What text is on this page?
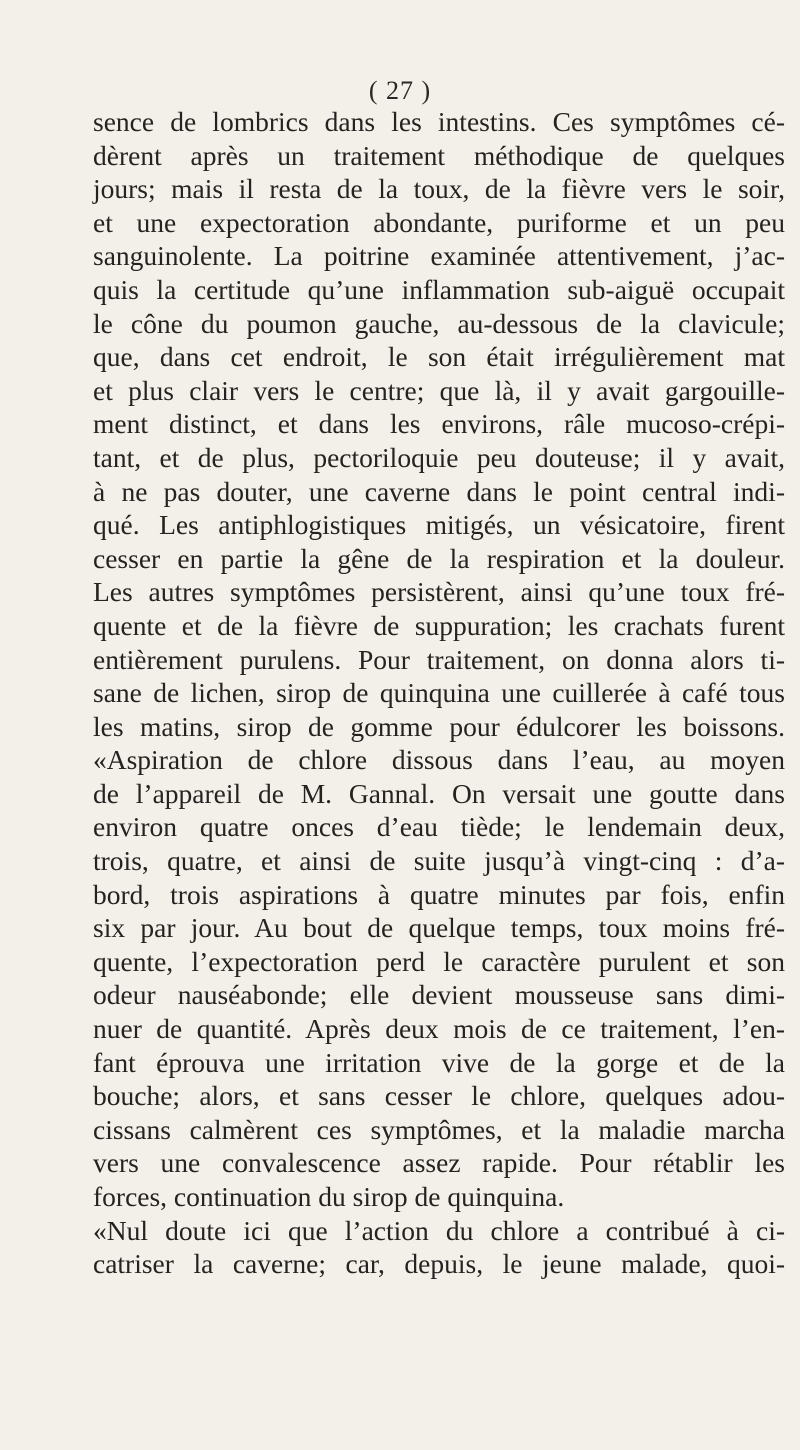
( 27 )
sence de lombrics dans les intestins. Ces symptômes cé-
dèrent après un traitement méthodique de quelques
jours; mais il resta de la toux, de la fièvre vers le soir,
et une expectoration abondante, puriforme et un peu
sanguinolente. La poitrine examinée attentivement, j’ac-
quis la certitude qu’une inflammation sub-aiguë occupait
le cône du poumon gauche, au-dessous de la clavicule;
que, dans cet endroit, le son était irrégulièrement mat
et plus clair vers le centre; que là, il y avait gargouille-
ment distinct, et dans les environs, râle mucoso-crépi-
tant, et de plus, pectoriloquie peu douteuse; il y avait,
à ne pas douter, une caverne dans le point central indi-
qué. Les antiphlogistiques mitigés, un vésicatoire, firent
cesser en partie la gêne de la respiration et la douleur.
Les autres symptômes persistèrent, ainsi qu’une toux fré-
quente et de la fièvre de suppuration; les crachats furent
entièrement purulens. Pour traitement, on donna alors ti-
sane de lichen, sirop de quinquina une cuillerée à café tous
les matins, sirop de gomme pour édulcorer les boissons.
«Aspiration de chlore dissous dans l’eau, au moyen
de l’appareil de M. Gannal. On versait une goutte dans
environ quatre onces d’eau tiède; le lendemain deux,
trois, quatre, et ainsi de suite jusqu’à vingt-cinq : d’a-
bord, trois aspirations à quatre minutes par fois, enfin
six par jour. Au bout de quelque temps, toux moins fré-
quente, l’expectoration perd le caractère purulent et son
odeur nauséabonde; elle devient mousseuse sans dimi-
nuer de quantité. Après deux mois de ce traitement, l’en-
fant éprouva une irritation vive de la gorge et de la
bouche; alors, et sans cesser le chlore, quelques adou-
cissans calmèrent ces symptômes, et la maladie marcha
vers une convalescence assez rapide. Pour rétablir les
forces, continuation du sirop de quinquina.
«Nul doute ici que l’action du chlore a contribué à ci-
catriser la caverne; car, depuis, le jeune malade, quoi-
